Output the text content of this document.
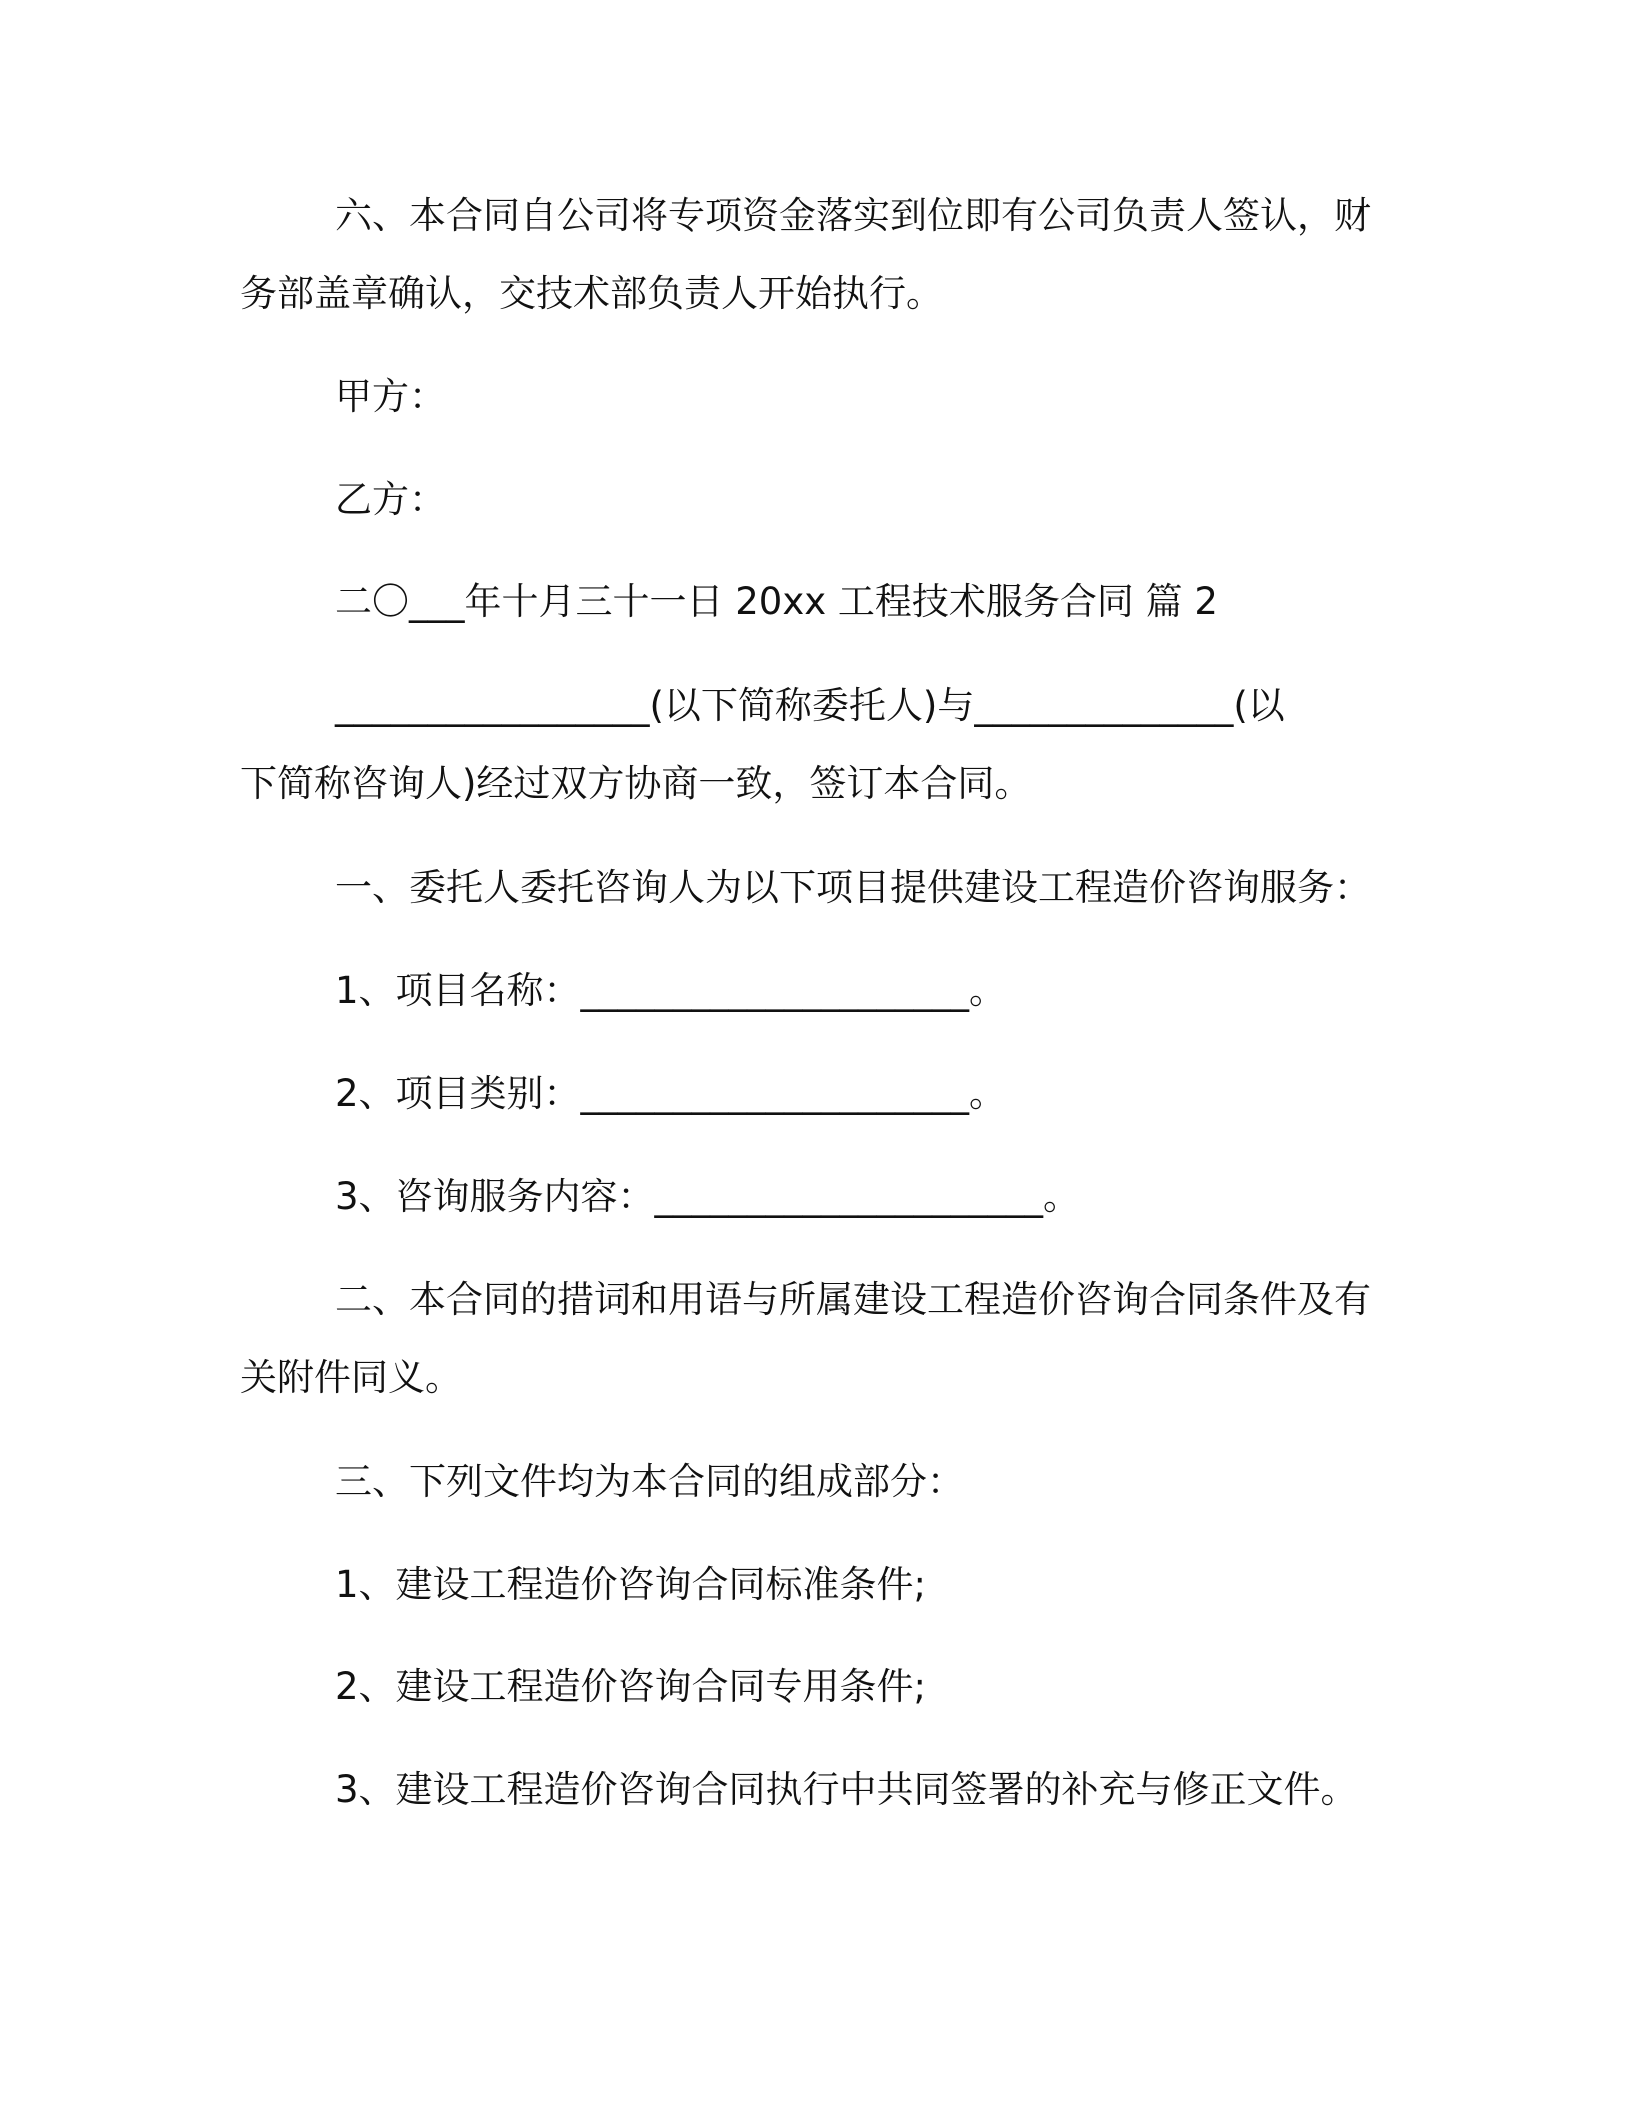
六、本合同自公司将专项资金落实到位即有公司负责人签认，财
务部盖章确认，交技术部负责人开始执行。
甲方：
乙方：
二〇___年十月三十一日 20xx 工程技术服务合同 篇 2
_________________(以下简称委托人)与______________(以
下简称咨询人)经过双方协商一致，签订本合同。
一、委托人委托咨询人为以下项目提供建设工程造价咨询服务：
1、项目名称：_____________________。
2、项目类别：_____________________。
3、咨询服务内容：_____________________。
二、本合同的措词和用语与所属建设工程造价咨询合同条件及有
关附件同义。
三、下列文件均为本合同的组成部分：
1、建设工程造价咨询合同标准条件;
2、建设工程造价咨询合同专用条件;
3、建设工程造价咨询合同执行中共同签署的补充与修正文件。
